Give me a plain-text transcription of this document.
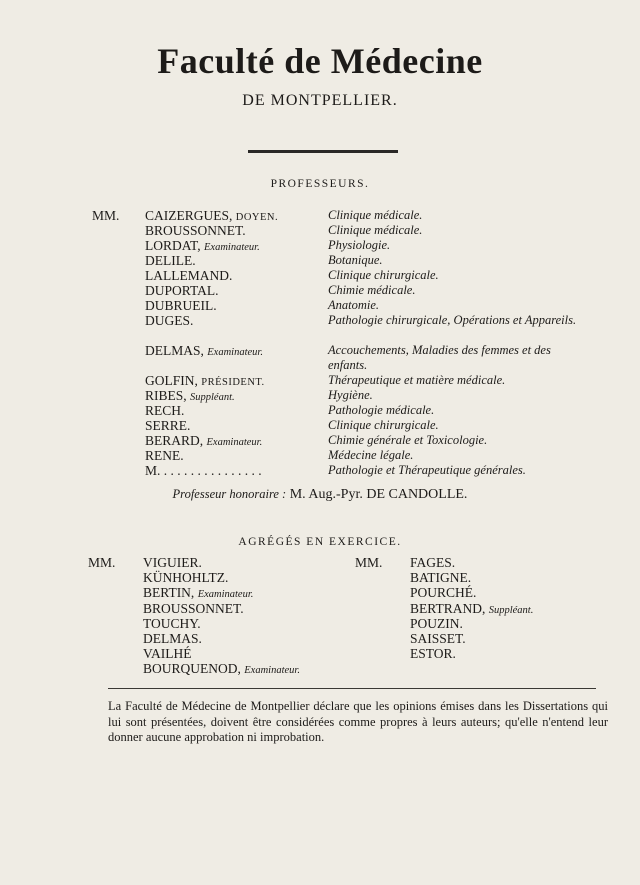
Faculté de Médecine
DE MONTPELLIER.
PROFESSEURS.
MM. CAIZERGUES, DOYEN.	Clinique médicale.
BROUSSONNET.	Clinique médicale.
LORDAT, Examinateur.	Physiologie.
DELILE.	Botanique.
LALLEMAND.	Clinique chirurgicale.
DUPORTAL.	Chimie médicale.
DUBRUEIL.	Anatomie.
DUGES.	Pathologie chirurgicale, Opérations et Appareils.
DELMAS, Examinateur.	Accouchements, Maladies des femmes et des enfants.
GOLFIN, PRÉSIDENT.	Thérapeutique et matière médicale.
RIBES, Suppléant.	Hygiène.
RECH.	Pathologie médicale.
SERRE.	Clinique chirurgicale.
BERARD, Examinateur.	Chimie générale et Toxicologie.
RENE.	Médecine légale.
M. . . . . . . . . . . . . . . .	Pathologie et Thérapeutique générales.
Professeur honoraire : M. Aug.-Pyr. DE CANDOLLE.
AGRÉGÉS EN EXERCICE.
MM. VIGUIER.
KÜNHOHLTZ.
BERTIN, Examinateur.
BROUSSONNET.
TOUCHY.
DELMAS.
VAILHÉ
BOURQUENOD, Examinateur.
MM. FAGES.
BATIGNE.
POURCHÉ.
BERTRAND, Suppléant.
POUZIN.
SAISSET.
ESTOR.
La Faculté de Médecine de Montpellier déclare que les opinions émises dans les Dissertations qui lui sont présentées, doivent être considérées comme propres à leurs auteurs; qu'elle n'entend leur donner aucune approbation ni improbation.
